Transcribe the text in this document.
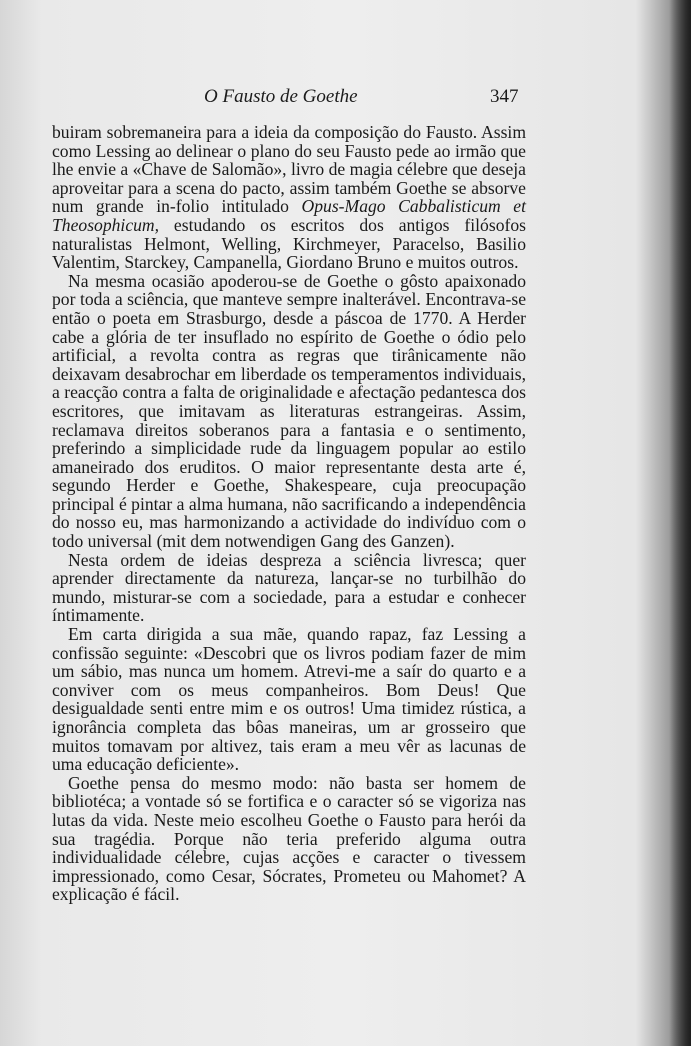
O Fausto de Goethe	347

buiram sobremaneira para a ideia da composição do Fausto. Assim como Lessing ao delinear o plano do seu Fausto pede ao irmão que lhe envie a «Chave de Salomão», livro de magia célebre que deseja aproveitar para a scena do pacto, assim também Goethe se absorve num grande in-folio intitulado Opus-Mago Cabbalisticum et Theosophicum, estudando os escritos dos antigos filósofos naturalistas Helmont, Welling, Kirchmeyer, Paracelso, Basilio Valentim, Starckey, Campanella, Giordano Bruno e muitos outros.

Na mesma ocasião apoderou-se de Goethe o gôsto apaixonado por toda a sciência, que manteve sempre inalterável. Encontrava-se então o poeta em Strasburgo, desde a páscoa de 1770. A Herder cabe a glória de ter insuflado no espírito de Goethe o ódio pelo artificial, a revolta contra as regras que tirânicamente não deixavam desabrochar em liberdade os temperamentos individuais, a reacção contra a falta de originalidade e afectação pedantesca dos escritores, que imitavam as literaturas estrangeiras. Assim, reclamava direitos soberanos para a fantasia e o sentimento, preferindo a simplicidade rude da linguagem popular ao estilo amaneirado dos eruditos. O maior representante desta arte é, segundo Herder e Goethe, Shakespeare, cuja preocupação principal é pintar a alma humana, não sacrificando a independência do nosso eu, mas harmonizando a actividade do indivíduo com o todo universal (mit dem notwendigen Gang des Ganzen).

Nesta ordem de ideias despreza a sciência livresca; quer aprender directamente da natureza, lançar-se no turbilhão do mundo, misturar-se com a sociedade, para a estudar e conhecer íntimamente.

Em carta dirigida a sua mãe, quando rapaz, faz Lessing a confissão seguinte: «Descobri que os livros podiam fazer de mim um sábio, mas nunca um homem. Atrevi-me a saír do quarto e a conviver com os meus companheiros. Bom Deus! Que desigualdade senti entre mim e os outros! Uma timidez rústica, a ignorância completa das bôas maneiras, um ar grosseiro que muitos tomavam por altivez, tais eram a meu vêr as lacunas de uma educação deficiente».

Goethe pensa do mesmo modo: não basta ser homem de bibliotéca; a vontade só se fortifica e o caracter só se vigoriza nas lutas da vida. Neste meio escolheu Goethe o Fausto para herói da sua tragédia. Porque não teria preferido alguma outra individualidade célebre, cujas acções e caracter o tivessem impressionado, como Cesar, Sócrates, Prometeu ou Mahomet? A explicação é fácil.
